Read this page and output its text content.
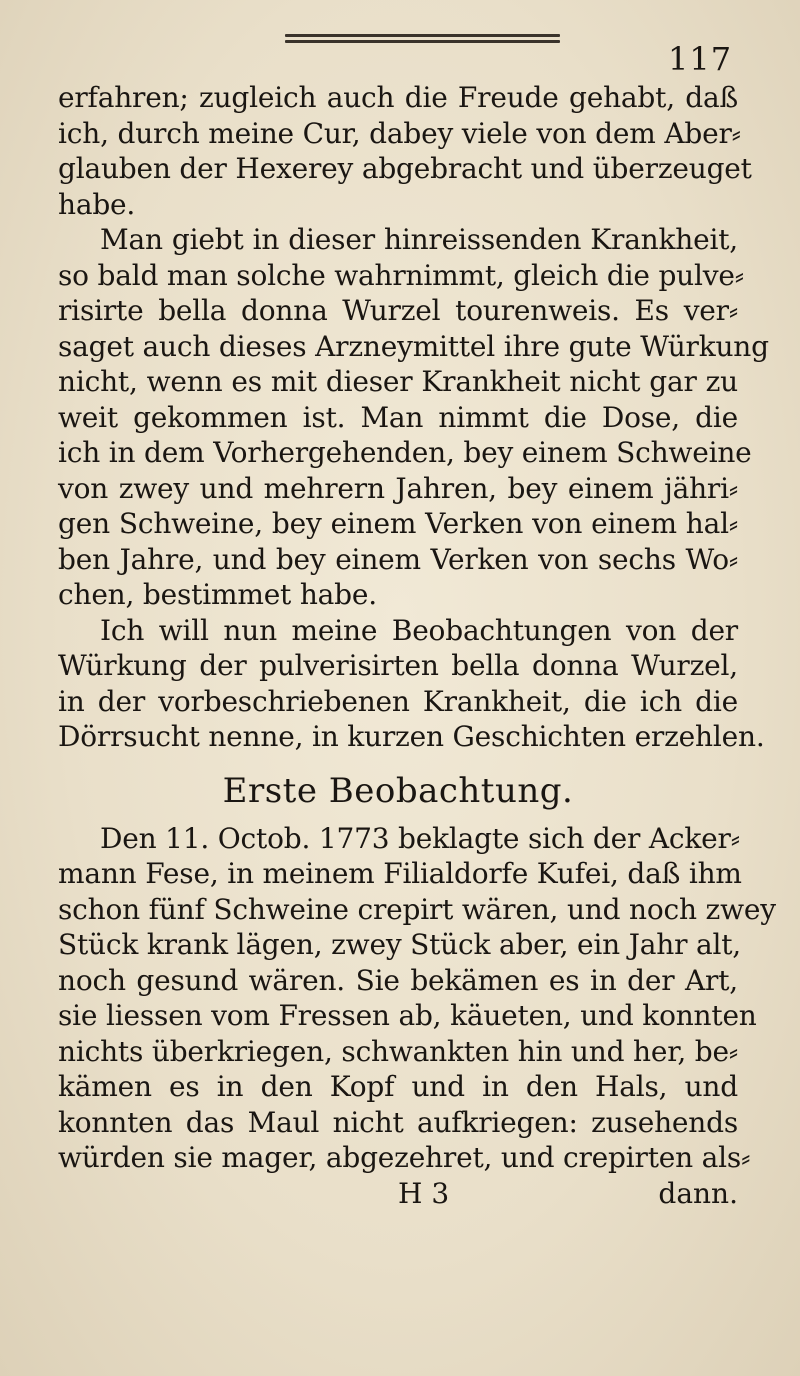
117
erfahren; zugleich auch die Freude gehabt, daß
ich, durch meine Cur, dabey viele von dem Aber⸗
glauben der Hexerey abgebracht und überzeuget
habe.
Man giebt in dieser hinreissenden Krankheit,
so bald man solche wahrnimmt, gleich die pulve⸗
risirte bella donna Wurzel tourenweis. Es ver⸗
saget auch dieses Arzneymittel ihre gute Würkung
nicht, wenn es mit dieser Krankheit nicht gar zu
weit gekommen ist. Man nimmt die Dose, die
ich in dem Vorhergehenden, bey einem Schweine
von zwey und mehrern Jahren, bey einem jähri⸗
gen Schweine, bey einem Verken von einem hal⸗
ben Jahre, und bey einem Verken von sechs Wo⸗
chen, bestimmet habe.
Ich will nun meine Beobachtungen von der
Würkung der pulverisirten bella donna Wurzel,
in der vorbeschriebenen Krankheit, die ich die
Dörrsucht nenne, in kurzen Geschichten erzehlen.
Erste Beobachtung.
Den 11. Octob. 1773 beklagte sich der Acker⸗
mann Fese, in meinem Filialdorfe Kufei, daß ihm
schon fünf Schweine crepirt wären, und noch zwey
Stück krank lägen, zwey Stück aber, ein Jahr alt,
noch gesund wären. Sie bekämen es in der Art,
sie liessen vom Fressen ab, käueten, und konnten
nichts überkriegen, schwankten hin und her, be⸗
kämen es in den Kopf und in den Hals, und
konnten das Maul nicht aufkriegen: zusehends
würden sie mager, abgezehret, und crepirten als⸗
H 3	dann.
